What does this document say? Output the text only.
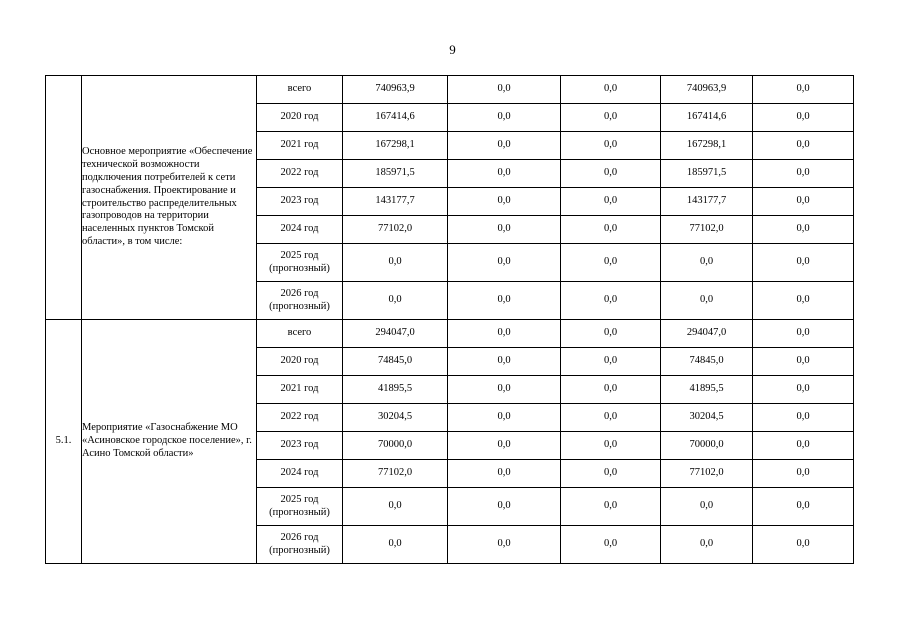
9
	Основное мероприятие «Обеспечение технической возможности подключения потребителей к сети газоснабжения. Проектирование и строительство распределительных газопроводов на территории населенных пунктов Томской области», в том числе:	всего	740963,9	0,0	0,0	740963,9	0,0
		2020 год	167414,6	0,0	0,0	167414,6	0,0
		2021 год	167298,1	0,0	0,0	167298,1	0,0
		2022 год	185971,5	0,0	0,0	185971,5	0,0
		2023 год	143177,7	0,0	0,0	143177,7	0,0
		2024 год	77102,0	0,0	0,0	77102,0	0,0
		2025 год (прогнозный)	0,0	0,0	0,0	0,0	0,0
		2026 год (прогнозный)	0,0	0,0	0,0	0,0	0,0
5.1.	Мероприятие «Газоснабжение МО «Асиновское городское поселение», г. Асино Томской области»	всего	294047,0	0,0	0,0	294047,0	0,0
		2020 год	74845,0	0,0	0,0	74845,0	0,0
		2021 год	41895,5	0,0	0,0	41895,5	0,0
		2022 год	30204,5	0,0	0,0	30204,5	0,0
		2023 год	70000,0	0,0	0,0	70000,0	0,0
		2024 год	77102,0	0,0	0,0	77102,0	0,0
		2025 год (прогнозный)	0,0	0,0	0,0	0,0	0,0
		2026 год (прогнозный)	0,0	0,0	0,0	0,0	0,0
